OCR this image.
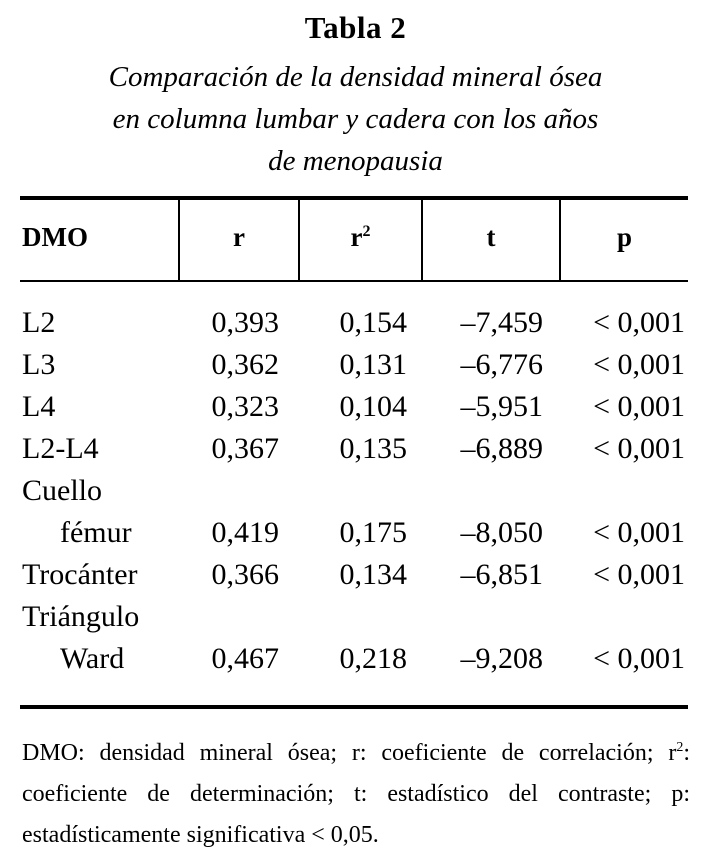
Tabla 2
Comparación de la densidad mineral ósea
en columna lumbar y cadera con los años
de menopausia
DMO	r	$r^2$	t	p
L2	0,393 0,154 –7,459 < 0,001
L3	0,362 0,131 –6,776 < 0,001
L4	0,323 0,104 –5,951 < 0,001
L2-L4	0,367 0,135 –6,889 < 0,001
Cuello
fémur	0,419 0,175 –8,050 < 0,001
Trocánter 0,366 0,134 –6,851 < 0,001
Triángulo
Ward	0,467 0,218 –9,208 < 0,001
DMO: densidad mineral ósea; r: coeficiente de correlación; $r^2$: coeficiente de determinación; t: estadístico del contraste; p: estadísticamente significativa < 0,05.
